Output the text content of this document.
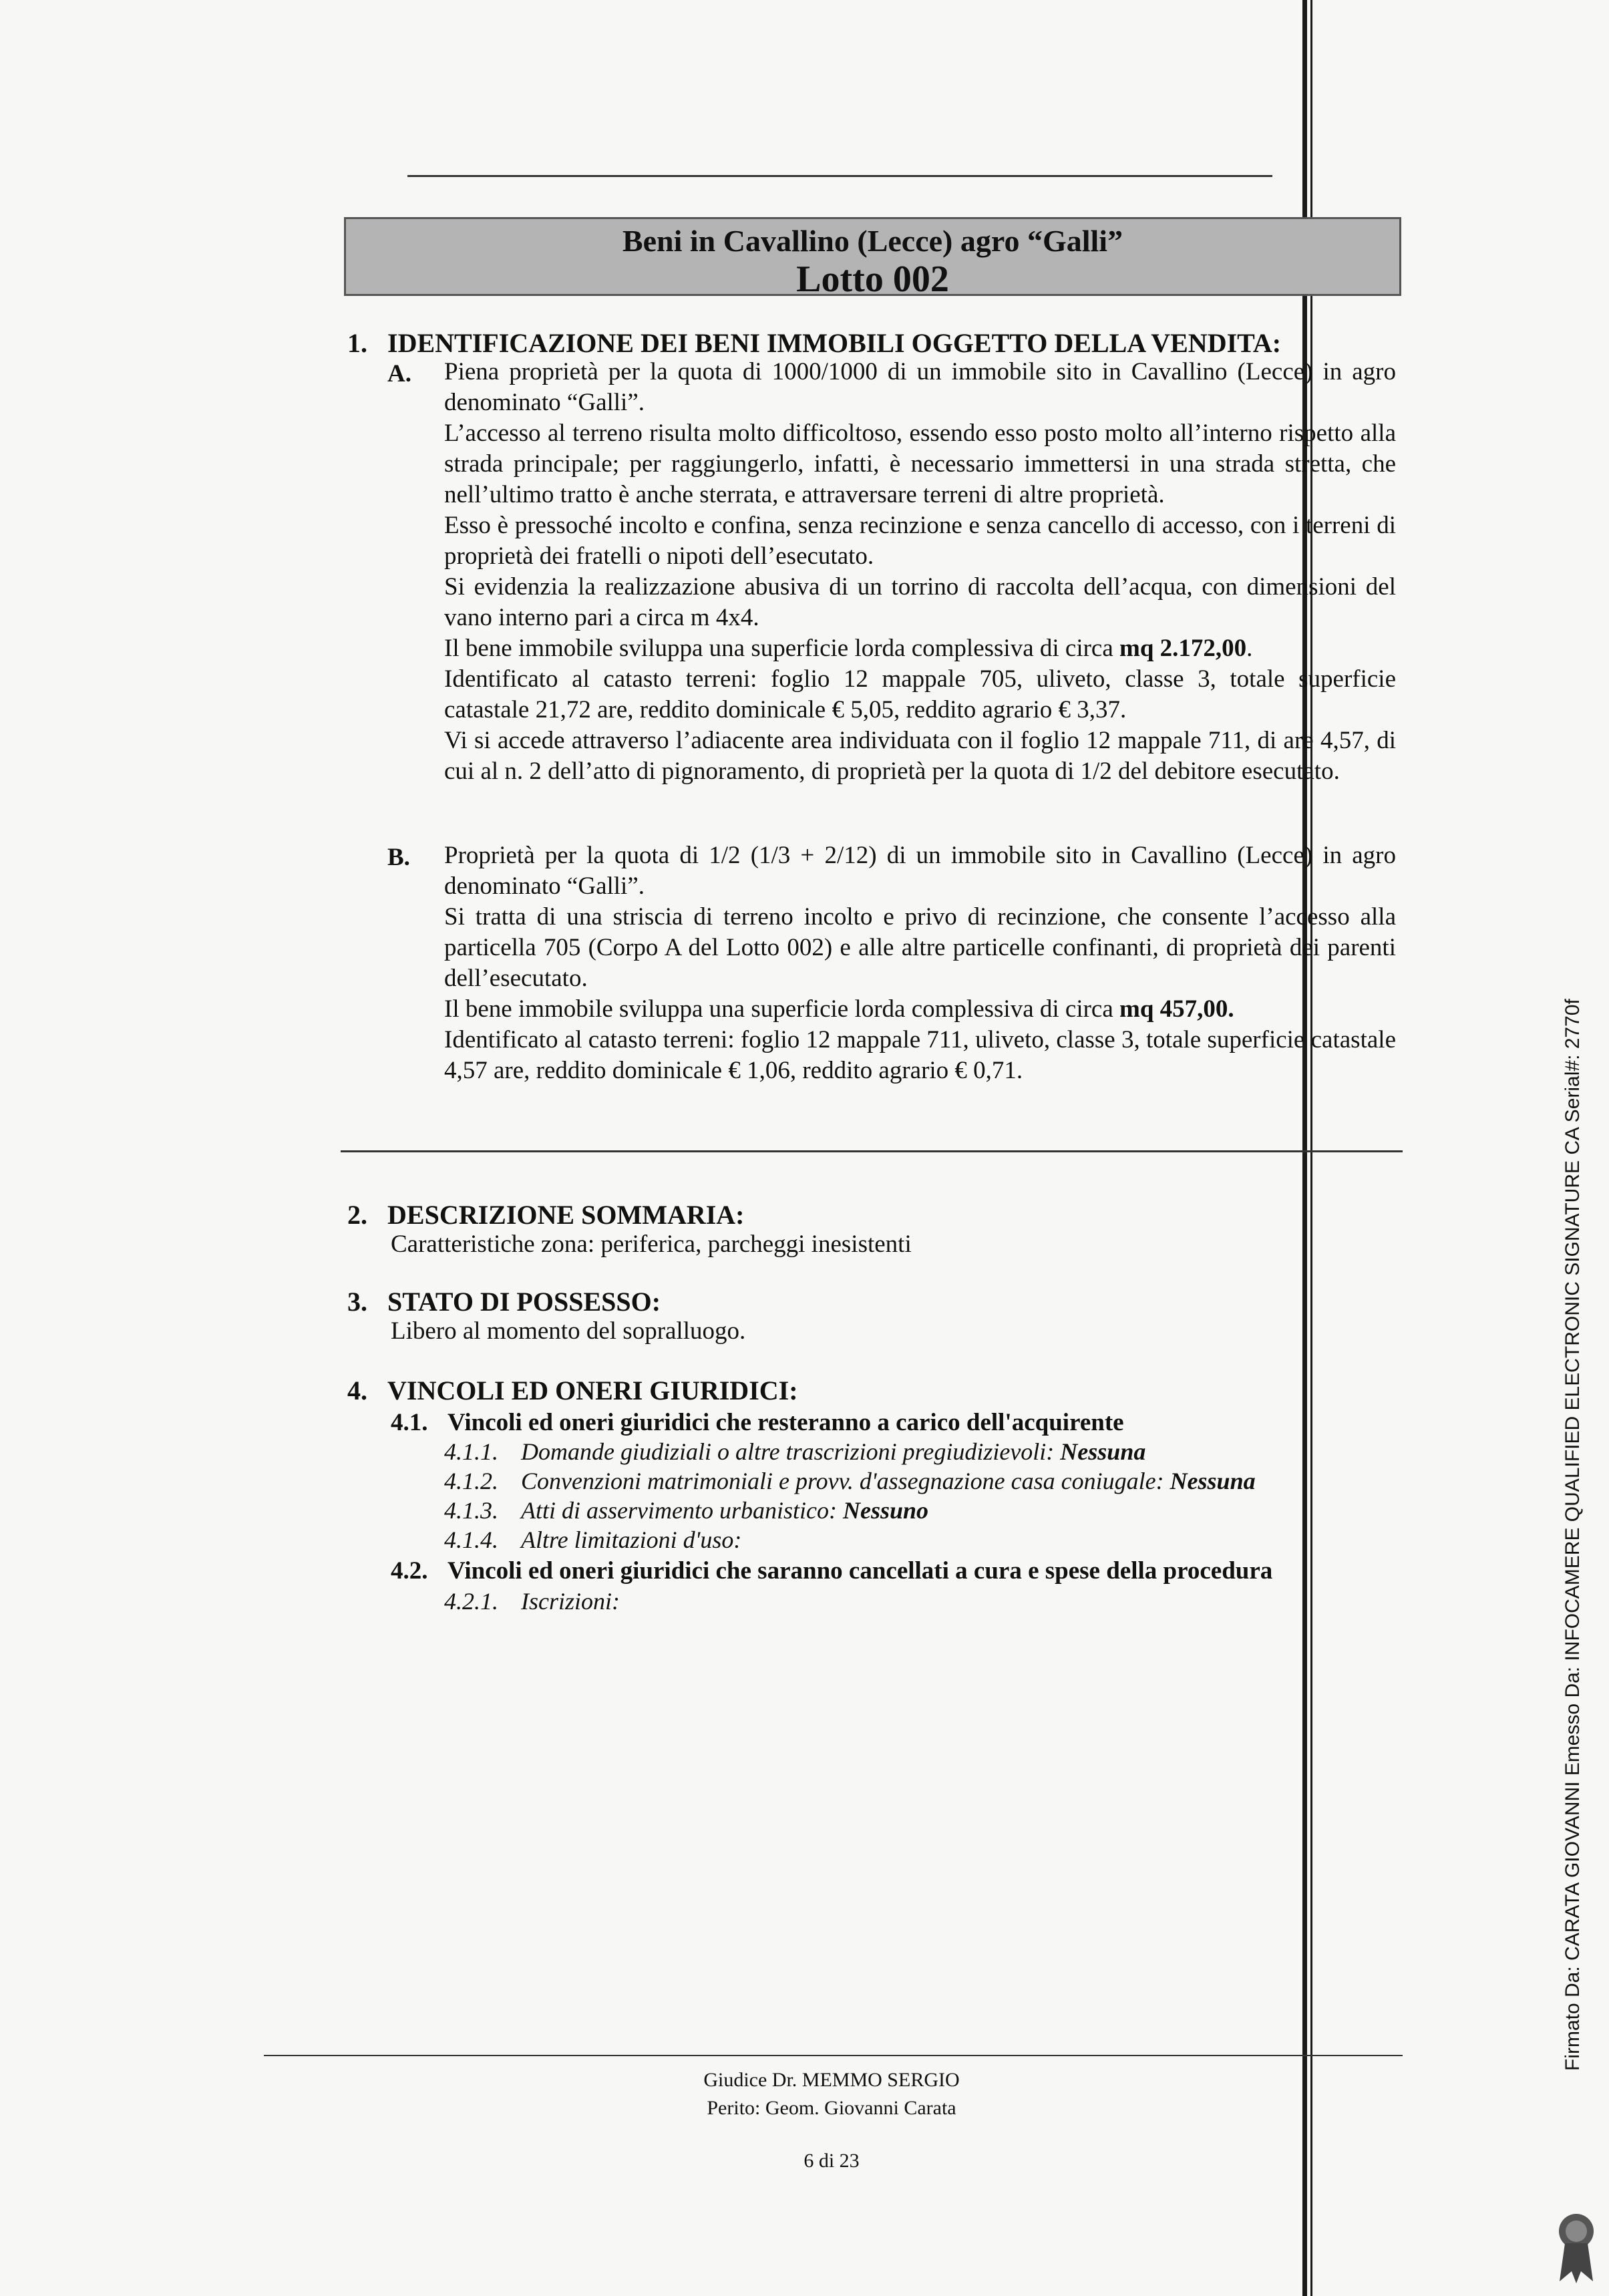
Beni in Cavallino (Lecce) agro “Galli”
Lotto 002
1. IDENTIFICAZIONE DEI BENI IMMOBILI OGGETTO DELLA VENDITA:
A. Piena proprietà per la quota di 1000/1000 di un immobile sito in Cavallino (Lecce) in agro denominato “Galli”.
L’accesso al terreno risulta molto difficoltoso, essendo esso posto molto all’interno rispetto alla strada principale; per raggiungerlo, infatti, è necessario immettersi in una strada stretta, che nell’ultimo tratto è anche sterrata, e attraversare terreni di altre proprietà.
Esso è pressoché incolto e confina, senza recinzione e senza cancello di accesso, con i terreni di proprietà dei fratelli o nipoti dell’esecutato.
Si evidenzia la realizzazione abusiva di un torrino di raccolta dell’acqua, con dimensioni del vano interno pari a circa m 4x4.
Il bene immobile sviluppa una superficie lorda complessiva di circa mq 2.172,00.
Identificato al catasto terreni: foglio 12 mappale 705, uliveto, classe 3, totale superficie catastale 21,72 are, reddito dominicale € 5,05, reddito agrario € 3,37.
Vi si accede attraverso l’adiacente area individuata con il foglio 12 mappale 711, di are 4,57, di cui al n. 2 dell’atto di pignoramento, di proprietà per la quota di 1/2 del debitore esecutato.
B. Proprietà per la quota di 1/2 (1/3 + 2/12) di un immobile sito in Cavallino (Lecce) in agro denominato “Galli”.
Si tratta di una striscia di terreno incolto e privo di recinzione, che consente l’accesso alla particella 705 (Corpo A del Lotto 002) e alle altre particelle confinanti, di proprietà dei parenti dell’esecutato.
Il bene immobile sviluppa una superficie lorda complessiva di circa mq 457,00.
Identificato al catasto terreni: foglio 12 mappale 711, uliveto, classe 3, totale superficie catastale 4,57 are, reddito dominicale € 1,06, reddito agrario € 0,71.
2. DESCRIZIONE SOMMARIA:
Caratteristiche zona: periferica, parcheggi inesistenti
3. STATO DI POSSESSO:
Libero al momento del sopralluogo.
4. VINCOLI ED ONERI GIURIDICI:
4.1. Vincoli ed oneri giuridici che resteranno a carico dell'acquirente
4.1.1. Domande giudiziali o altre trascrizioni pregiudizievoli: Nessuna
4.1.2. Convenzioni matrimoniali e provv. d'assegnazione casa coniugale: Nessuna
4.1.3. Atti di asservimento urbanistico: Nessuno
4.1.4. Altre limitazioni d'uso:
4.2. Vincoli ed oneri giuridici che saranno cancellati a cura e spese della procedura
4.2.1. Iscrizioni:
Giudice Dr. MEMMO SERGIO
Perito: Geom. Giovanni Carata
6 di 23
Firmato Da: CARATA GIOVANNI Emesso Da: INFOCAMERE QUALIFIED ELECTRONIC SIGNATURE CA Serial#: 2770f
